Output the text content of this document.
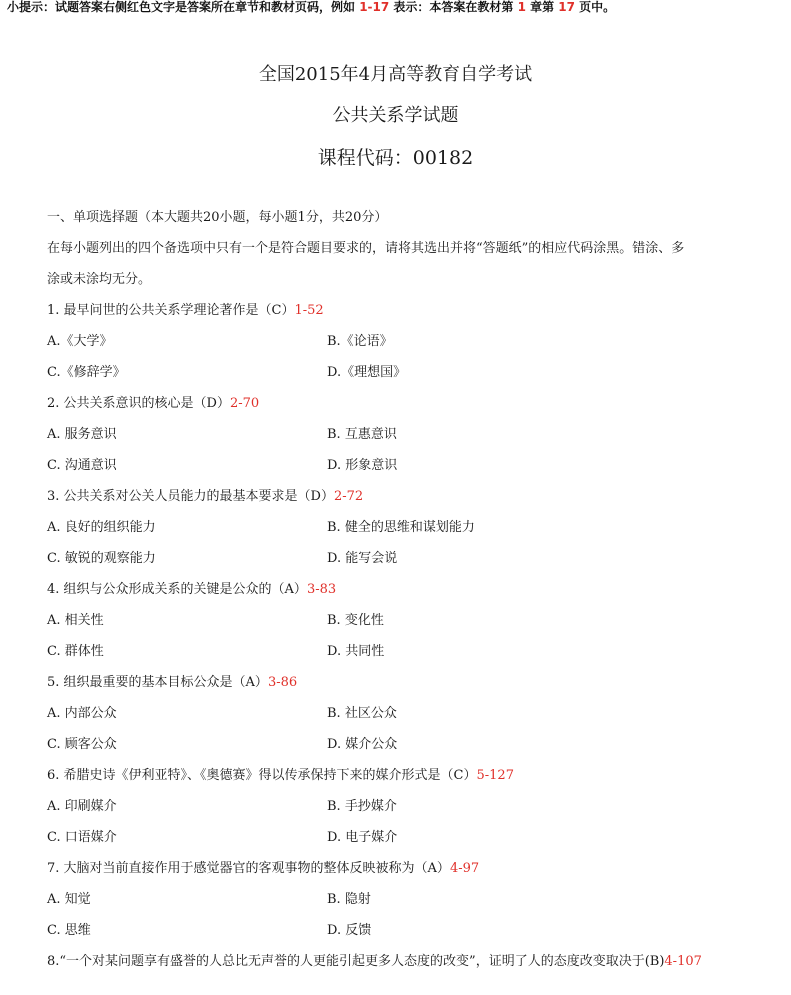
小提示：试题答案右侧红色文字是答案所在章节和教材页码，例如 1-17 表示：本答案在教材第 1 章第 17 页中。
全国2015年4月高等教育自学考试
公共关系学试题
课程代码：00182
一、单项选择题（本大题共20小题，每小题1分，共20分）
在每小题列出的四个备选项中只有一个是符合题目要求的，请将其选出并将“答题纸”的相应代码涂黑。错涂、多
涂或未涂均无分。
1. 最早问世的公共关系学理论著作是（C）1-52
A.《大学》	B.《论语》
C.《修辞学》	D.《理想国》
2. 公共关系意识的核心是（D）2-70
A. 服务意识	B. 互惠意识
C. 沟通意识	D. 形象意识
3. 公共关系对公关人员能力的最基本要求是（D）2-72
A. 良好的组织能力	B. 健全的思维和谋划能力
C. 敏锐的观察能力	D. 能写会说
4. 组织与公众形成关系的关键是公众的（A）3-83
A. 相关性	B. 变化性
C. 群体性	D. 共同性
5. 组织最重要的基本目标公众是（A）3-86
A. 内部公众	B. 社区公众
C. 顾客公众	D. 媒介公众
6. 希腊史诗《伊利亚特》、《奥德赛》得以传承保持下来的媒介形式是（C）5-127
A. 印刷媒介	B. 手抄媒介
C. 口语媒介	D. 电子媒介
7. 大脑对当前直接作用于感觉器官的客观事物的整体反映被称为（A）4-97
A. 知觉	B. 隐射
C. 思维	D. 反馈
8.“一个对某问题享有盛誉的人总比无声誉的人更能引起更多人态度的改变”，证明了人的态度改变取决于(B)4-107
